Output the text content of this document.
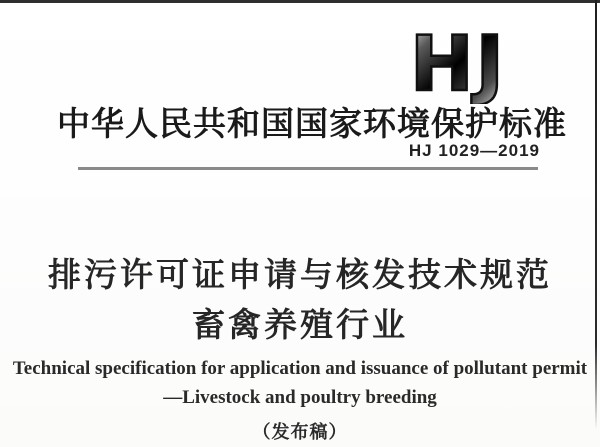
HJ
中华人民共和国国家环境保护标准
HJ 1029—2019
排污许可证申请与核发技术规范
畜禽养殖行业
Technical specification for application and issuance of pollutant permit
—Livestock and poultry breeding
（发布稿）
